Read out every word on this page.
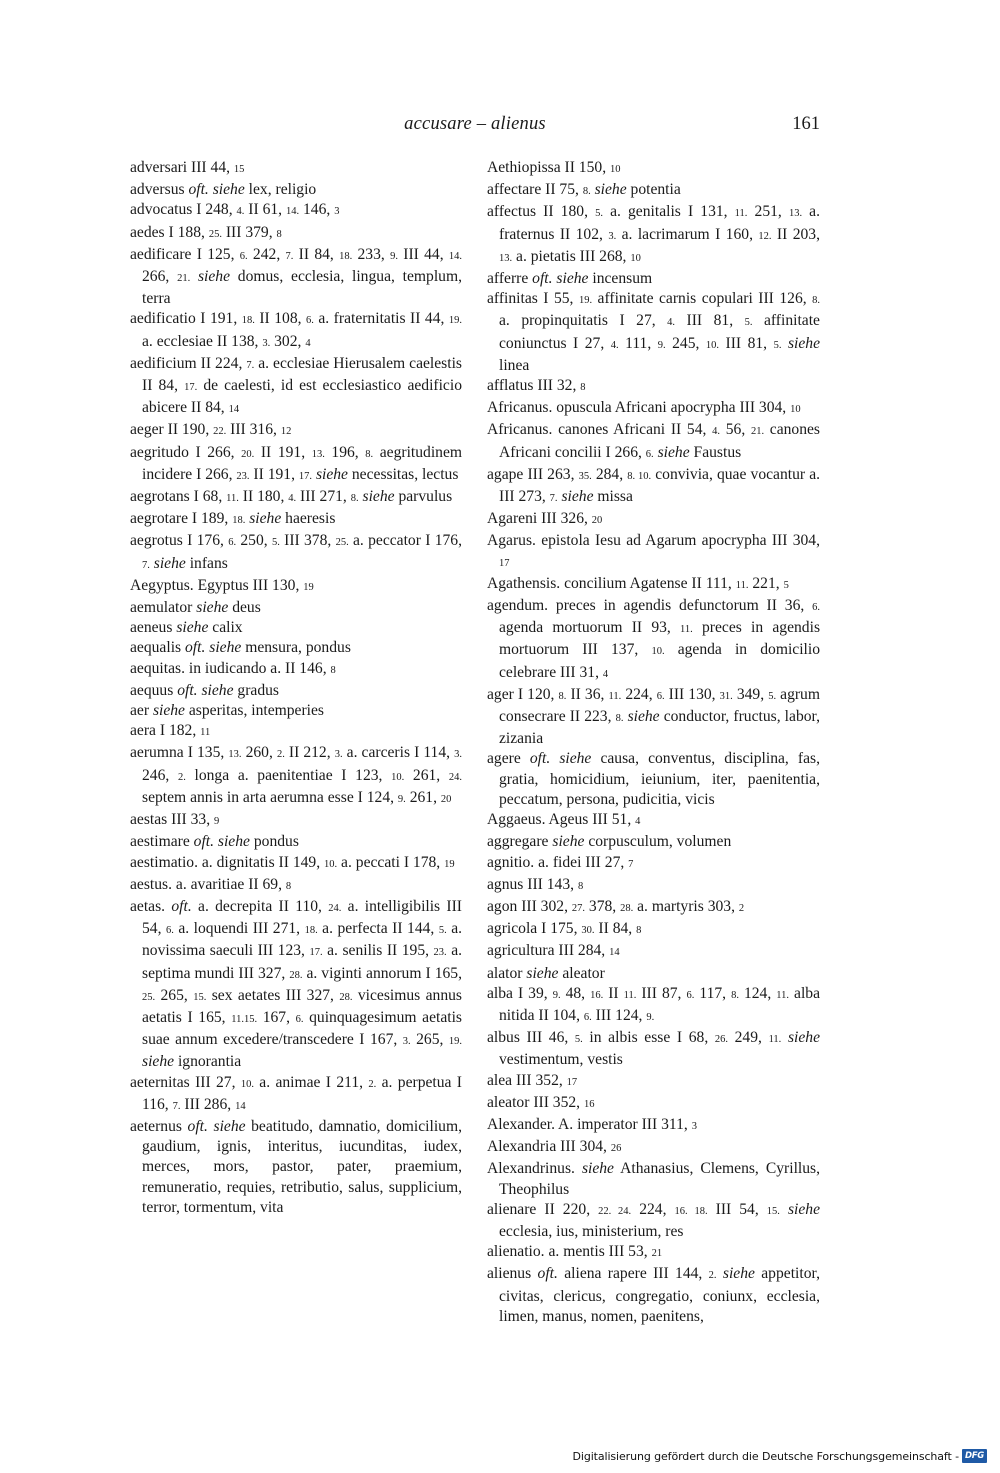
accusare – alienus	161
adversari III 44, 15
adversus oft. siehe lex, religio
advocatus I 248, 4. II 61, 14. 146, 3
aedes I 188, 25. III 379, 8
aedificare I 125, 6. 242, 7. II 84, 18. 233, 9. III 44, 14. 266, 21. siehe domus, ecclesia, lingua, templum, terra
aedificatio I 191, 18. II 108, 6. a. fraternitatis II 44, 19. a. ecclesiae II 138, 3. 302, 4
aedificium II 224, 7. a. ecclesiae Hierusalem caelestis II 84, 17. de caelesti, id est ecclesiastico aedificio abicere II 84, 14
aeger II 190, 22. III 316, 12
aegritudo I 266, 20. II 191, 13. 196, 8. aegritudinem incidere I 266, 23. II 191, 17. siehe necessitas, lectus
aegrotans I 68, 11. II 180, 4. III 271, 8. siehe parvulus
aegrotare I 189, 18. siehe haeresis
aegrotus I 176, 6. 250, 5. III 378, 25. a. peccator I 176, 7. siehe infans
Aegyptus. Egyptus III 130, 19
aemulator siehe deus
aeneus siehe calix
aequalis oft. siehe mensura, pondus
aequitas. in iudicando a. II 146, 8
aequus oft. siehe gradus
aer siehe asperitas, intemperies
aera I 182, 11
aerumna I 135, 13. 260, 2. II 212, 3. a. carceris I 114, 3. 246, 2. longa a. paenitentiae I 123, 10. 261, 24. septem annis in arta aerumna esse I 124, 9. 261, 20
aestas III 33, 9
aestimare oft. siehe pondus
aestimatio. a. dignitatis II 149, 10. a. peccati I 178, 19
aestus. a. avaritiae II 69, 8
aetas. oft. a. decrepita II 110, 24. a. intelligibilis III 54, 6. a. loquendi III 271, 18. a. perfecta II 144, 5. a. novissima saeculi III 123, 17. a. senilis II 195, 23. a. septima mundi III 327, 28. a. viginti annorum I 165, 25. 265, 15. sex aetates III 327, 28. vicesimus annus aetatis I 165, 11.15. 167, 6. quinquagesimum aetatis suae annum excedere/transcedere I 167, 3. 265, 19. siehe ignorantia
aeternitas III 27, 10. a. animae I 211, 2. a. perpetua I 116, 7. III 286, 14
aeternus oft. siehe beatitudo, damnatio, domicilium, gaudium, ignis, interitus, iucunditas, iudex, merces, mors, pastor, pater, praemium, remuneratio, requies, retributio, salus, supplicium, terror, tormentum, vita
Aethiopissa II 150, 10
affectare II 75, 8. siehe potentia
affectus II 180, 5. a. genitalis I 131, 11. 251, 13. a. fraternus II 102, 3. a. lacrimarum I 160, 12. II 203, 13. a. pietatis III 268, 10
afferre oft. siehe incensum
affinitas I 55, 19. affinitate carnis copulari III 126, 8. a. propinquitatis I 27, 4. III 81, 5. affinitate coniunctus I 27, 4. 111, 9. 245, 10. III 81, 5. siehe linea
afflatus III 32, 8
Africanus. opuscula Africani apocrypha III 304, 10
Africanus. canones Africani II 54, 4. 56, 21. canones Africani concilii I 266, 6. siehe Faustus
agape III 263, 35. 284, 8. 10. convivia, quae vocantur a. III 273, 7. siehe missa
Agareni III 326, 20
Agarus. epistola Iesu ad Agarum apocrypha III 304, 17
Agathensis. concilium Agatense II 111, 11. 221, 5
agendum. preces in agendis defunctorum II 36, 6. agenda mortuorum II 93, 11. preces in agendis mortuorum III 137, 10. agenda in domicilio celebrare III 31, 4
ager I 120, 8. II 36, 11. 224, 6. III 130, 31. 349, 5. agrum consecrare II 223, 8. siehe conductor, fructus, labor, zizania
agere oft. siehe causa, conventus, disciplina, fas, gratia, homicidium, ieiunium, iter, paenitentia, peccatum, persona, pudicitia, vicis
Aggaeus. Ageus III 51, 4
aggregare siehe corpusculum, volumen
agnitio. a. fidei III 27, 7
agnus III 143, 8
agon III 302, 27. 378, 28. a. martyris 303, 2
agricola I 175, 30. II 84, 8
agricultura III 284, 14
alator siehe aleator
alba I 39, 9. 48, 16. II 11. III 87, 6. 117, 8. 124, 11. alba nitida II 104, 6. III 124, 9.
albus III 46, 5. in albis esse I 68, 26. 249, 11. siehe vestimentum, vestis
alea III 352, 17
aleator III 352, 16
Alexander. A. imperator III 311, 3
Alexandria III 304, 26
Alexandrinus. siehe Athanasius, Clemens, Cyrillus, Theophilus
alienare II 220, 22. 24. 224, 16. 18. III 54, 15. siehe ecclesia, ius, ministerium, res
alienatio. a. mentis III 53, 21
alienus oft. aliena rapere III 144, 2. siehe appetitor, civitas, clericus, congregatio, coniunx, ecclesia, limen, manus, nomen, paenitens,
Digitalisierung gefördert durch die Deutsche Forschungsgemeinschaft - DFG
